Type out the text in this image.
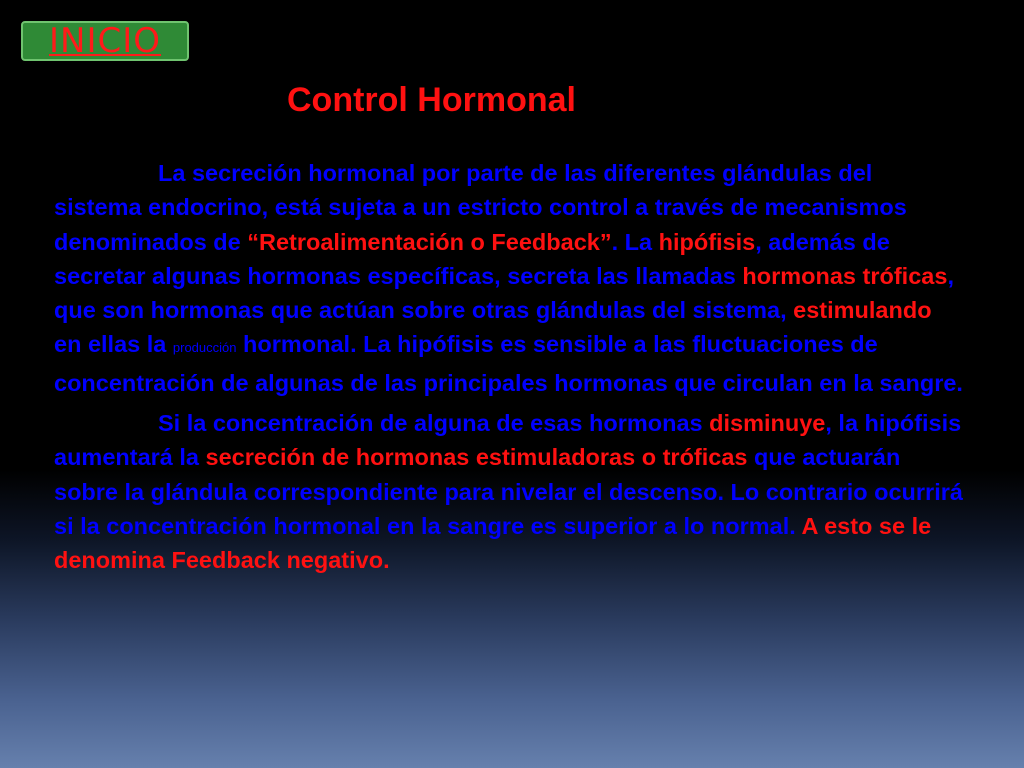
INICIO
Control Hormonal

La secreción hormonal por parte de las diferentes glándulas del sistema endocrino, está sujeta a un estricto control a través de mecanismos denominados de “Retroalimentación o Feedback”. La hipófisis, además de secretar algunas hormonas específicas, secreta las llamadas hormonas tróficas, que son hormonas que actúan sobre otras glándulas del sistema, estimulando en ellas la producción hormonal. La hipófisis es sensible a las fluctuaciones de concentración de algunas de las principales hormonas que circulan en la sangre.

Si la concentración de alguna de esas hormonas disminuye, la hipófisis aumentará la secreción de hormonas estimuladoras o tróficas que actuarán sobre la glándula correspondiente para nivelar el descenso. Lo contrario ocurrirá si la concentración hormonal en la sangre es superior a lo normal. A esto se le denomina Feedback negativo.
